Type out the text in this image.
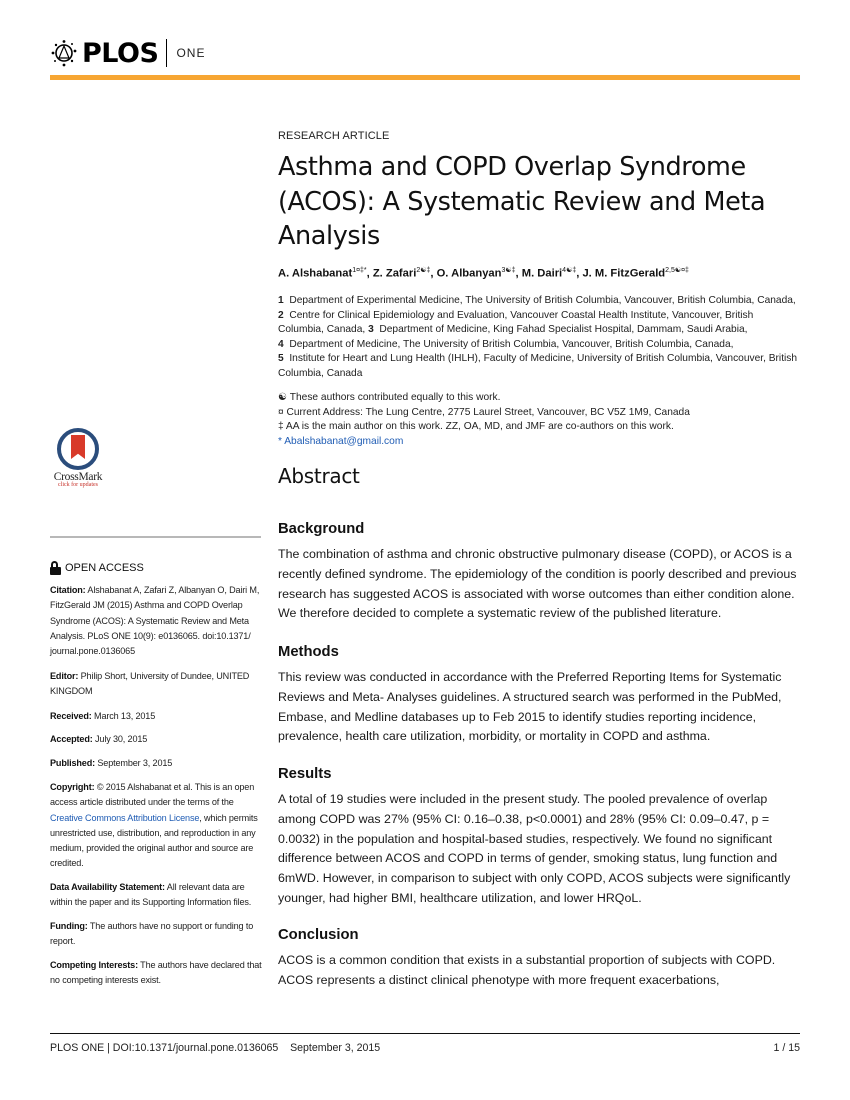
PLOS ONE
RESEARCH ARTICLE
Asthma and COPD Overlap Syndrome
(ACOS): A Systematic Review and Meta
Analysis
A. Alshabanat$^{1¤\ddagger*}$, Z. Zafari$^{2☯\ddagger}$, O. Albanyan$^{3☯\ddagger}$, M. Dairi$^{4☯\ddagger}$, J. M. FitzGerald$^{2,5☯¤\ddagger}$
1 Department of Experimental Medicine, The University of British Columbia, Vancouver, British Columbia, Canada, 2 Centre for Clinical Epidemiology and Evaluation, Vancouver Coastal Health Institute, Vancouver, British Columbia, Canada, 3 Department of Medicine, King Fahad Specialist Hospital, Dammam, Saudi Arabia, 4 Department of Medicine, The University of British Columbia, Vancouver, British Columbia, Canada,
5 Institute for Heart and Lung Health (IHLH), Faculty of Medicine, University of British Columbia, Vancouver, British Columbia, Canada
☯ These authors contributed equally to this work.
¤ Current Address: The Lung Centre, 2775 Laurel Street, Vancouver, BC V5Z 1M9, Canada
‡ AA is the main author on this work. ZZ, OA, MD, and JMF are co-authors on this work.
* Abalshabanat@gmail.com
Abstract
Background
The combination of asthma and chronic obstructive pulmonary disease (COPD), or ACOS is a recently defined syndrome. The epidemiology of the condition is poorly described and previous research has suggested ACOS is associated with worse outcomes than either condition alone. We therefore decided to complete a systematic review of the published literature.
Methods
This review was conducted in accordance with the Preferred Reporting Items for Systematic Reviews and Meta- Analyses guidelines. A structured search was performed in the PubMed, Embase, and Medline databases up to Feb 2015 to identify studies reporting incidence, prevalence, health care utilization, morbidity, or mortality in COPD and asthma.
Results
A total of 19 studies were included in the present study. The pooled prevalence of overlap among COPD was 27% (95% CI: 0.16–0.38, p<0.0001) and 28% (95% CI: 0.09–0.47, p = 0.0032) in the population and hospital-based studies, respectively. We found no significant difference between ACOS and COPD in terms of gender, smoking status, lung function and 6mWD. However, in comparison to subject with only COPD, ACOS subjects were significantly younger, had higher BMI, healthcare utilization, and lower HRQoL.
Conclusion
ACOS is a common condition that exists in a substantial proportion of subjects with COPD. ACOS represents a distinct clinical phenotype with more frequent exacerbations,
CrossMark
click for updates
OPEN ACCESS
Citation: Alshabanat A, Zafari Z, Albanyan O, Dairi M, FitzGerald JM (2015) Asthma and COPD Overlap Syndrome (ACOS): A Systematic Review and Meta Analysis. PLoS ONE 10(9): e0136065. doi:10.1371/ journal.pone.0136065
Editor: Philip Short, University of Dundee, UNITED KINGDOM
Received: March 13, 2015
Accepted: July 30, 2015
Published: September 3, 2015
Copyright: © 2015 Alshabanat et al. This is an open access article distributed under the terms of the Creative Commons Attribution License, which permits unrestricted use, distribution, and reproduction in any medium, provided the original author and source are credited.
Data Availability Statement: All relevant data are within the paper and its Supporting Information files.
Funding: The authors have no support or funding to report.
Competing Interests: The authors have declared that no competing interests exist.
PLOS ONE | DOI:10.1371/journal.pone.0136065    September 3, 2015	1 / 15
